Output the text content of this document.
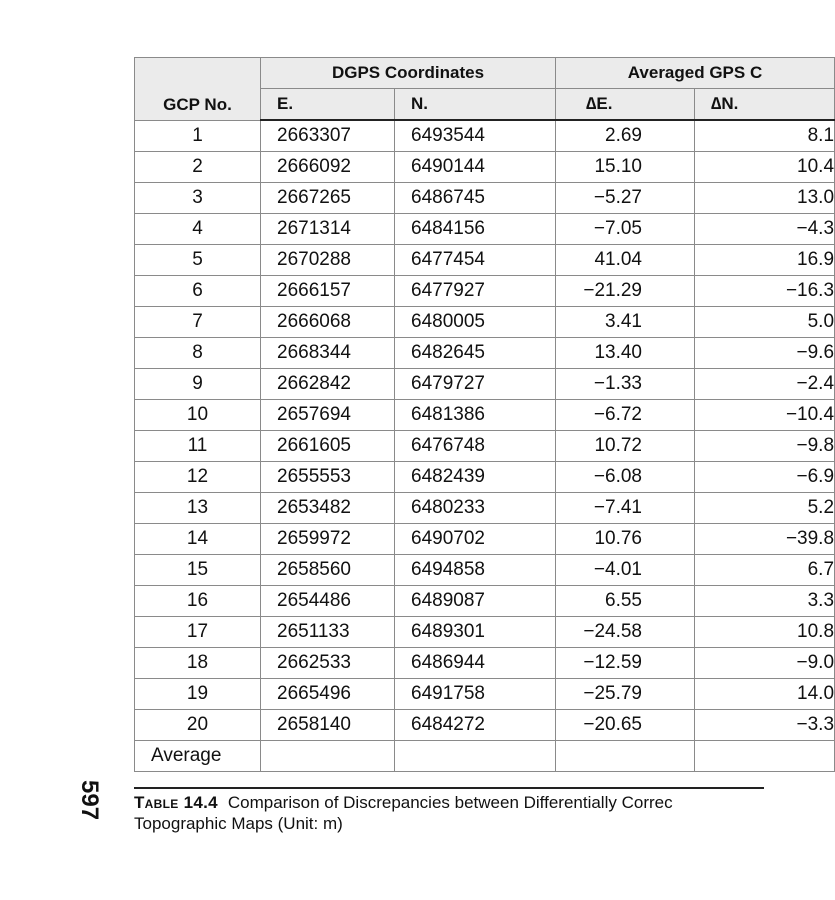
597
GCP No.	DGPS Coordinates		Averaged GPS C	
	E.	N.	∆E.	∆N.
1	2663307	6493544	2.69	8.1
2	2666092	6490144	15.10	10.4
3	2667265	6486745	−5.27	13.0
4	2671314	6484156	−7.05	−4.3
5	2670288	6477454	41.04	16.9
6	2666157	6477927	−21.29	−16.3
7	2666068	6480005	3.41	5.0
8	2668344	6482645	13.40	−9.6
9	2662842	6479727	−1.33	−2.4
10	2657694	6481386	−6.72	−10.4
11	2661605	6476748	10.72	−9.8
12	2655553	6482439	−6.08	−6.9
13	2653482	6480233	−7.41	5.2
14	2659972	6490702	10.76	−39.8
15	2658560	6494858	−4.01	6.7
16	2654486	6489087	6.55	3.3
17	2651133	6489301	−24.58	10.8
18	2662533	6486944	−12.59	−9.0
19	2665496	6491758	−25.79	14.0
20	2658140	6484272	−20.65	−3.3
Average				
Table 14.4 Comparison of Discrepancies between Differentially Correc
Topographic Maps (Unit: m)
